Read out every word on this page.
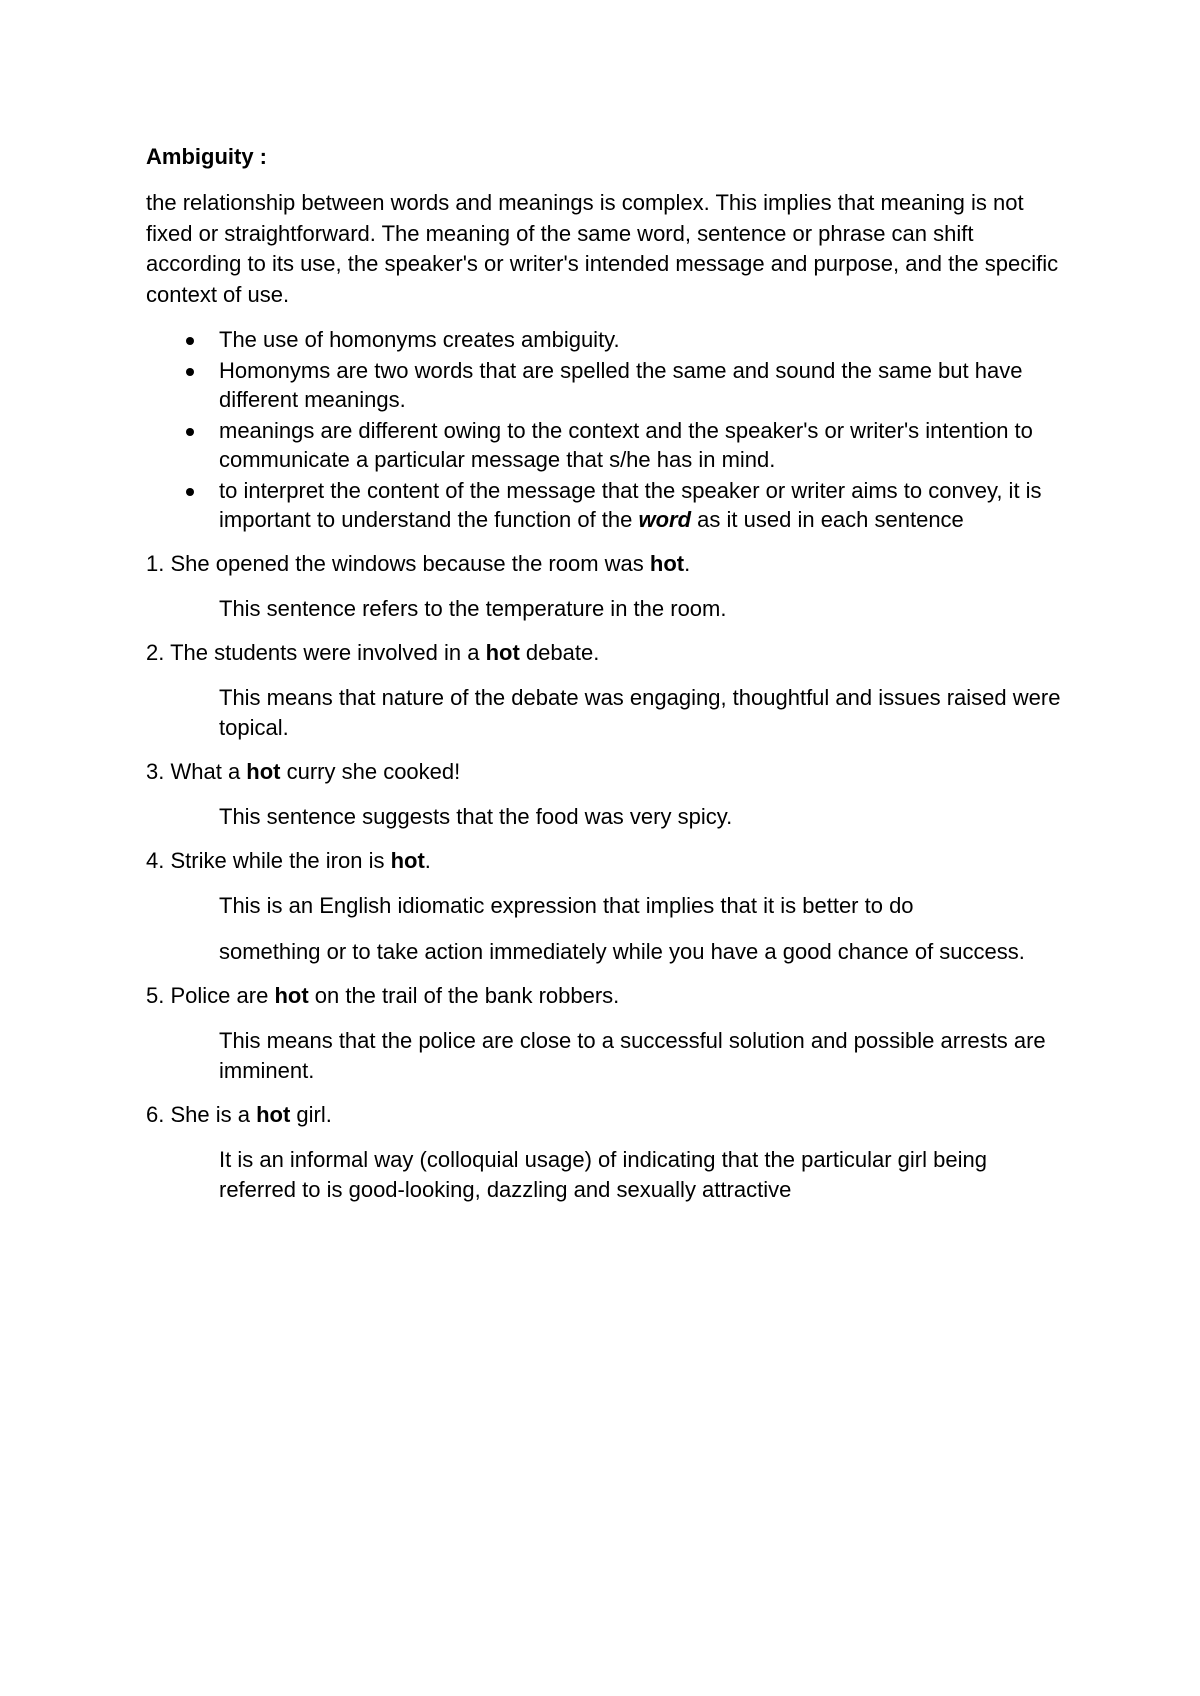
Ambiguity :

the relationship between words and meanings is complex. This implies that meaning is not fixed or straightforward. The meaning of the same word, sentence or phrase can shift according to its use, the speaker's or writer's intended message and purpose, and the specific context of use.

The use of homonyms creates ambiguity.
Homonyms are two words that are spelled the same and sound the same but have different meanings.
meanings are different owing to the context and the speaker's or writer's intention to communicate a particular message that s/he has in mind.
to interpret the content of the message that the speaker or writer aims to convey, it is important to understand the function of the word as it used in each sentence

1. She opened the windows because the room was hot.

This sentence refers to the temperature in the room.

2. The students were involved in a hot debate.

This means that nature of the debate was engaging, thoughtful and issues raised were topical.

3. What a hot curry she cooked!

This sentence suggests that the food was very spicy.

4. Strike while the iron is hot.

This is an English idiomatic expression that implies that it is better to do

something or to take action immediately while you have a good chance of success.

5. Police are hot on the trail of the bank robbers.

This means that the police are close to a successful solution and possible arrests are imminent.

6. She is a hot girl.

It is an informal way (colloquial usage) of indicating that the particular girl being referred to is good-looking, dazzling and sexually attractive
